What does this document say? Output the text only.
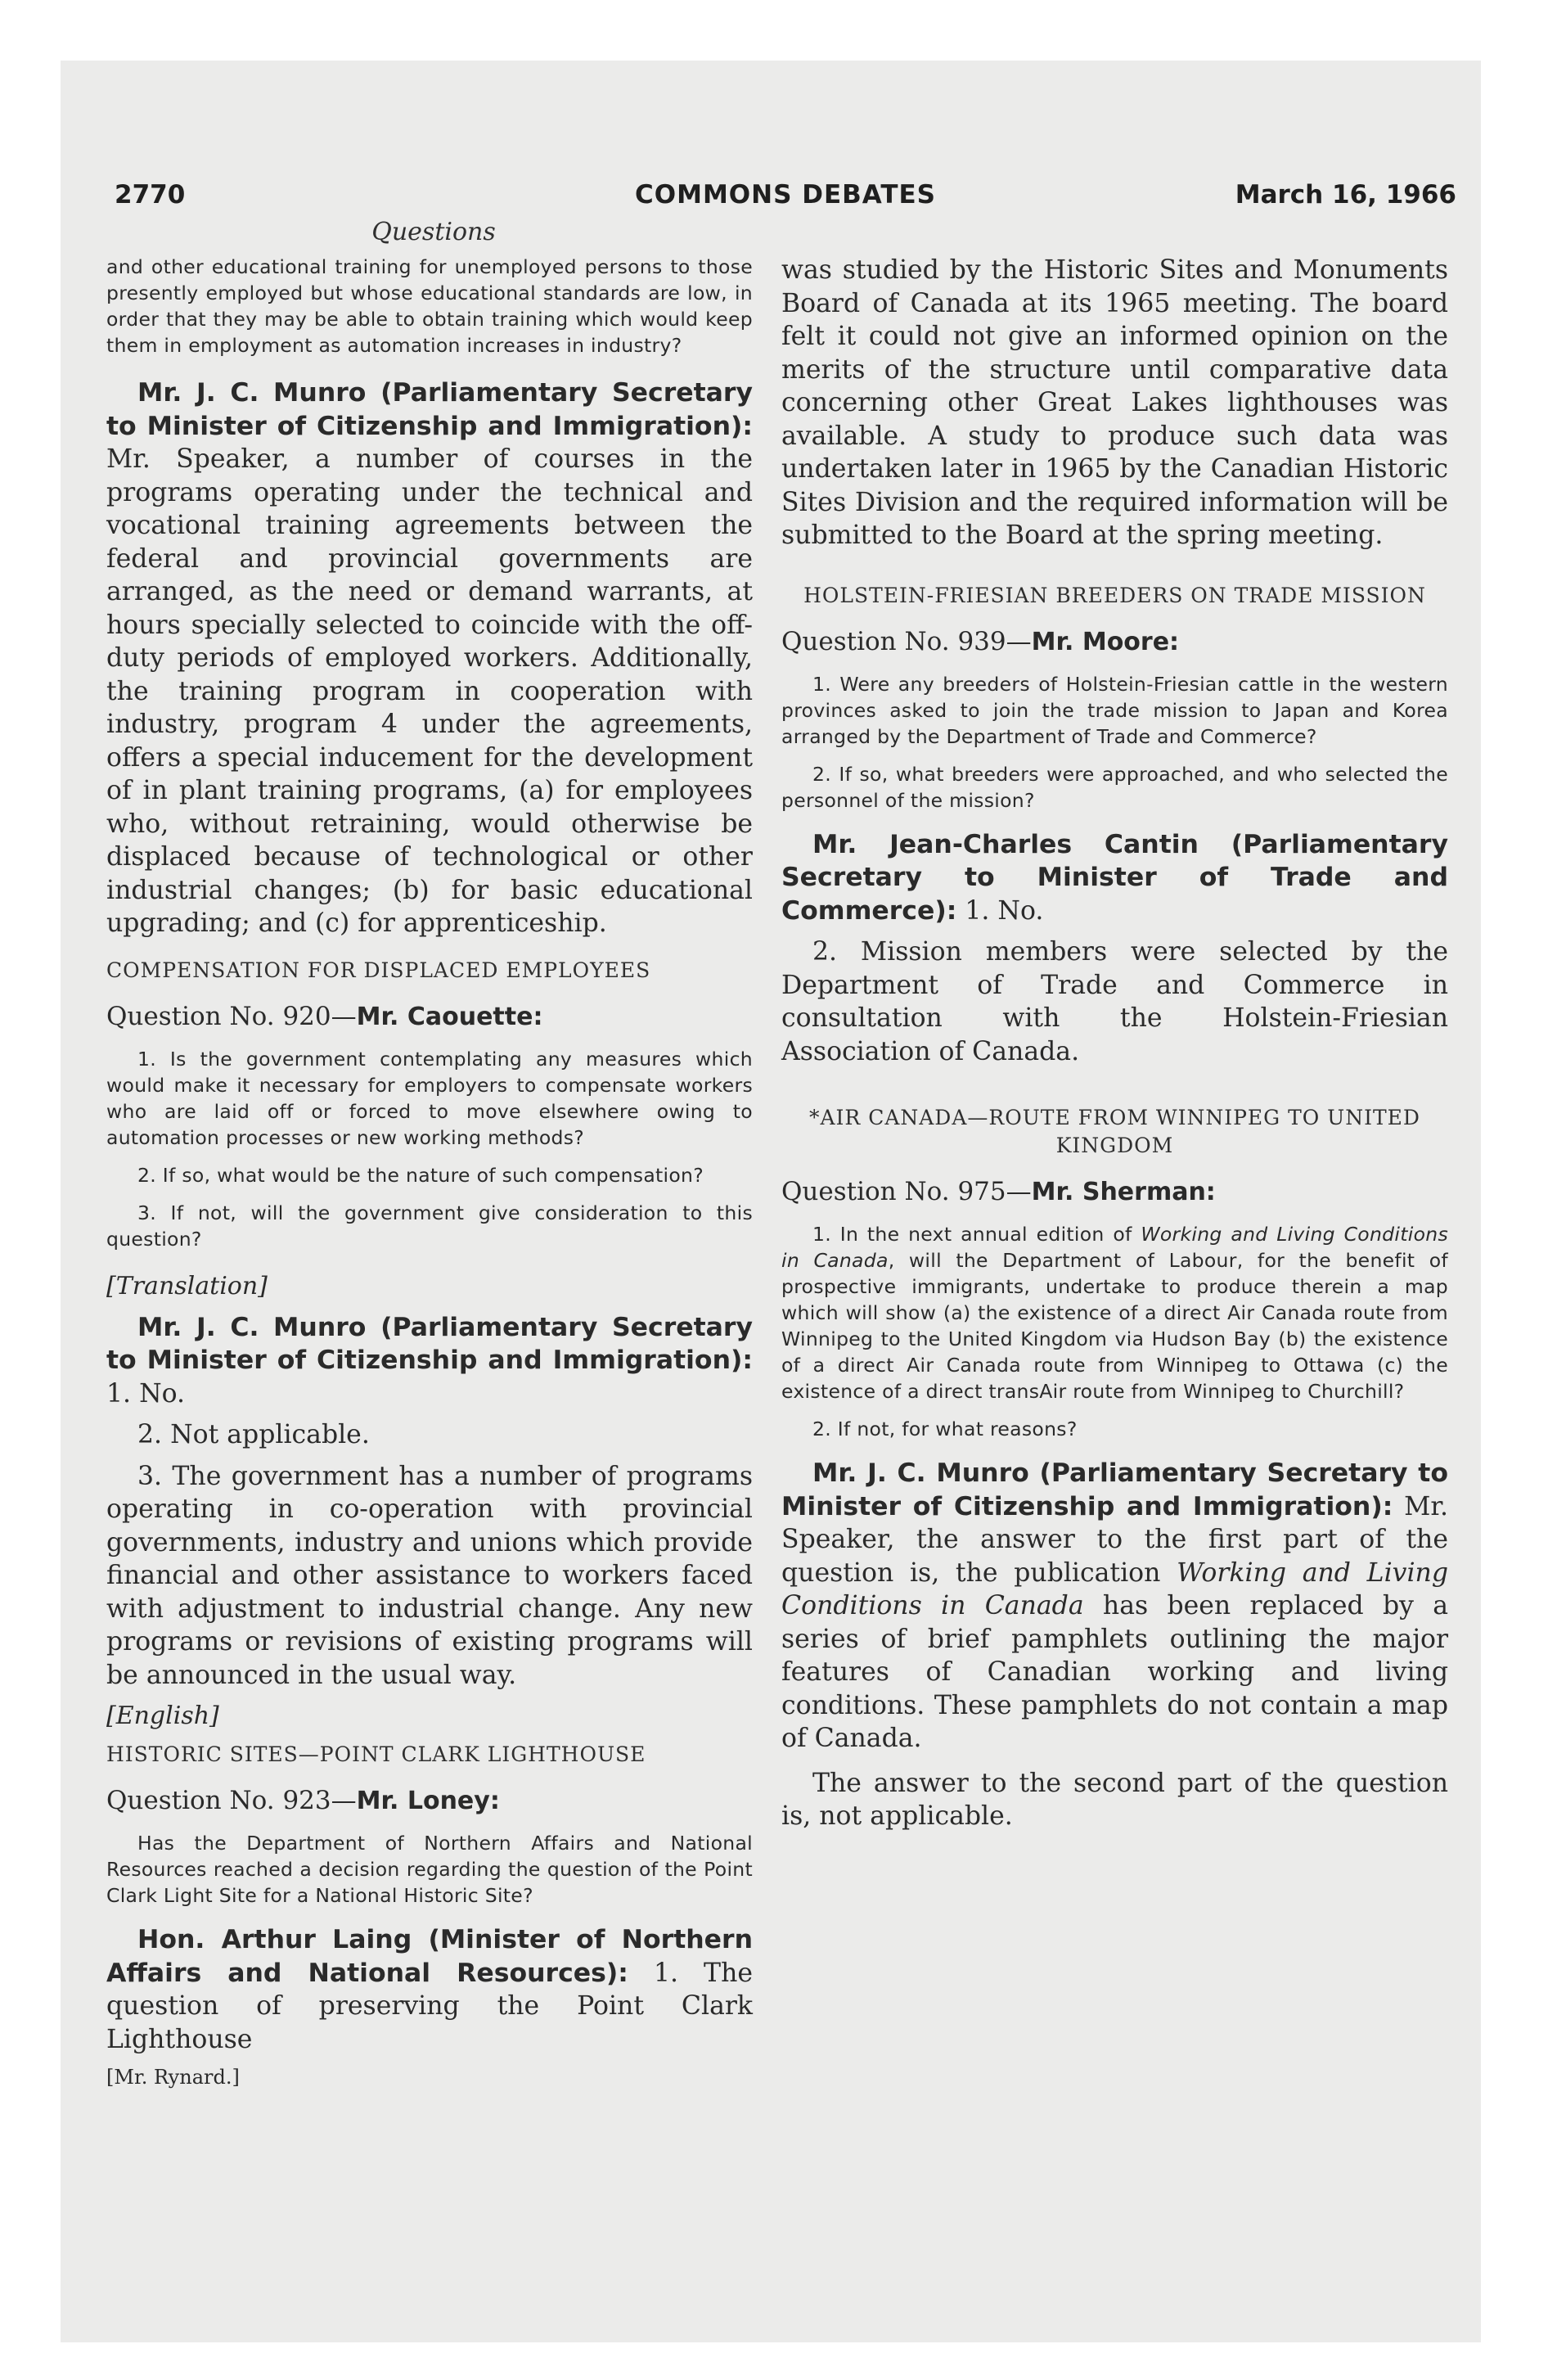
2770	COMMONS DEBATES	March 16, 1966
Questions

and other educational training for unemployed persons to those presently employed but whose educational standards are low, in order that they may be able to obtain training which would keep them in employment as automation increases in industry?

Mr. J. C. Munro (Parliamentary Secretary to Minister of Citizenship and Immigration): Mr. Speaker, a number of courses in the programs operating under the technical and vocational training agreements between the federal and provincial governments are arranged, as the need or demand warrants, at hours specially selected to coincide with the off-duty periods of employed workers. Additionally, the training program in cooperation with industry, program 4 under the agreements, offers a special inducement for the development of in plant training programs, (a) for employees who, without retraining, would otherwise be displaced because of technological or other industrial changes; (b) for basic educational upgrading; and (c) for apprenticeship.

COMPENSATION FOR DISPLACED EMPLOYEES
Question No. 920—Mr. Caouette:

1. Is the government contemplating any measures which would make it necessary for employers to compensate workers who are laid off or forced to move elsewhere owing to automation processes or new working methods?

2. If so, what would be the nature of such compensation?

3. If not, will the government give consideration to this question?

[Translation]

Mr. J. C. Munro (Parliamentary Secretary to Minister of Citizenship and Immigration): 1. No.

2. Not applicable.

3. The government has a number of programs operating in co-operation with provincial governments, industry and unions which provide financial and other assistance to workers faced with adjustment to industrial change. Any new programs or revisions of existing programs will be announced in the usual way.

[English]
HISTORIC SITES—POINT CLARK LIGHTHOUSE
Question No. 923—Mr. Loney:

Has the Department of Northern Affairs and National Resources reached a decision regarding the question of the Point Clark Light Site for a National Historic Site?

Hon. Arthur Laing (Minister of Northern Affairs and National Resources): 1. The question of preserving the Point Clark Lighthouse

[Mr. Rynard.]

was studied by the Historic Sites and Monuments Board of Canada at its 1965 meeting. The board felt it could not give an informed opinion on the merits of the structure until comparative data concerning other Great Lakes lighthouses was available. A study to produce such data was undertaken later in 1965 by the Canadian Historic Sites Division and the required information will be submitted to the Board at the spring meeting.

HOLSTEIN-FRIESIAN BREEDERS ON TRADE MISSION
Question No. 939—Mr. Moore:

1. Were any breeders of Holstein-Friesian cattle in the western provinces asked to join the trade mission to Japan and Korea arranged by the Department of Trade and Commerce?

2. If so, what breeders were approached, and who selected the personnel of the mission?

Mr. Jean-Charles Cantin (Parliamentary Secretary to Minister of Trade and Commerce): 1. No.

2. Mission members were selected by the Department of Trade and Commerce in consultation with the Holstein-Friesian Association of Canada.

*AIR CANADA—ROUTE FROM WINNIPEG TO UNITED KINGDOM
Question No. 975—Mr. Sherman:

1. In the next annual edition of Working and Living Conditions in Canada, will the Department of Labour, for the benefit of prospective immigrants, undertake to produce therein a map which will show (a) the existence of a direct Air Canada route from Winnipeg to the United Kingdom via Hudson Bay (b) the existence of a direct Air Canada route from Winnipeg to Ottawa (c) the existence of a direct transAir route from Winnipeg to Churchill?

2. If not, for what reasons?

Mr. J. C. Munro (Parliamentary Secretary to Minister of Citizenship and Immigration): Mr. Speaker, the answer to the first part of the question is, the publication Working and Living Conditions in Canada has been replaced by a series of brief pamphlets outlining the major features of Canadian working and living conditions. These pamphlets do not contain a map of Canada.

The answer to the second part of the question is, not applicable.
